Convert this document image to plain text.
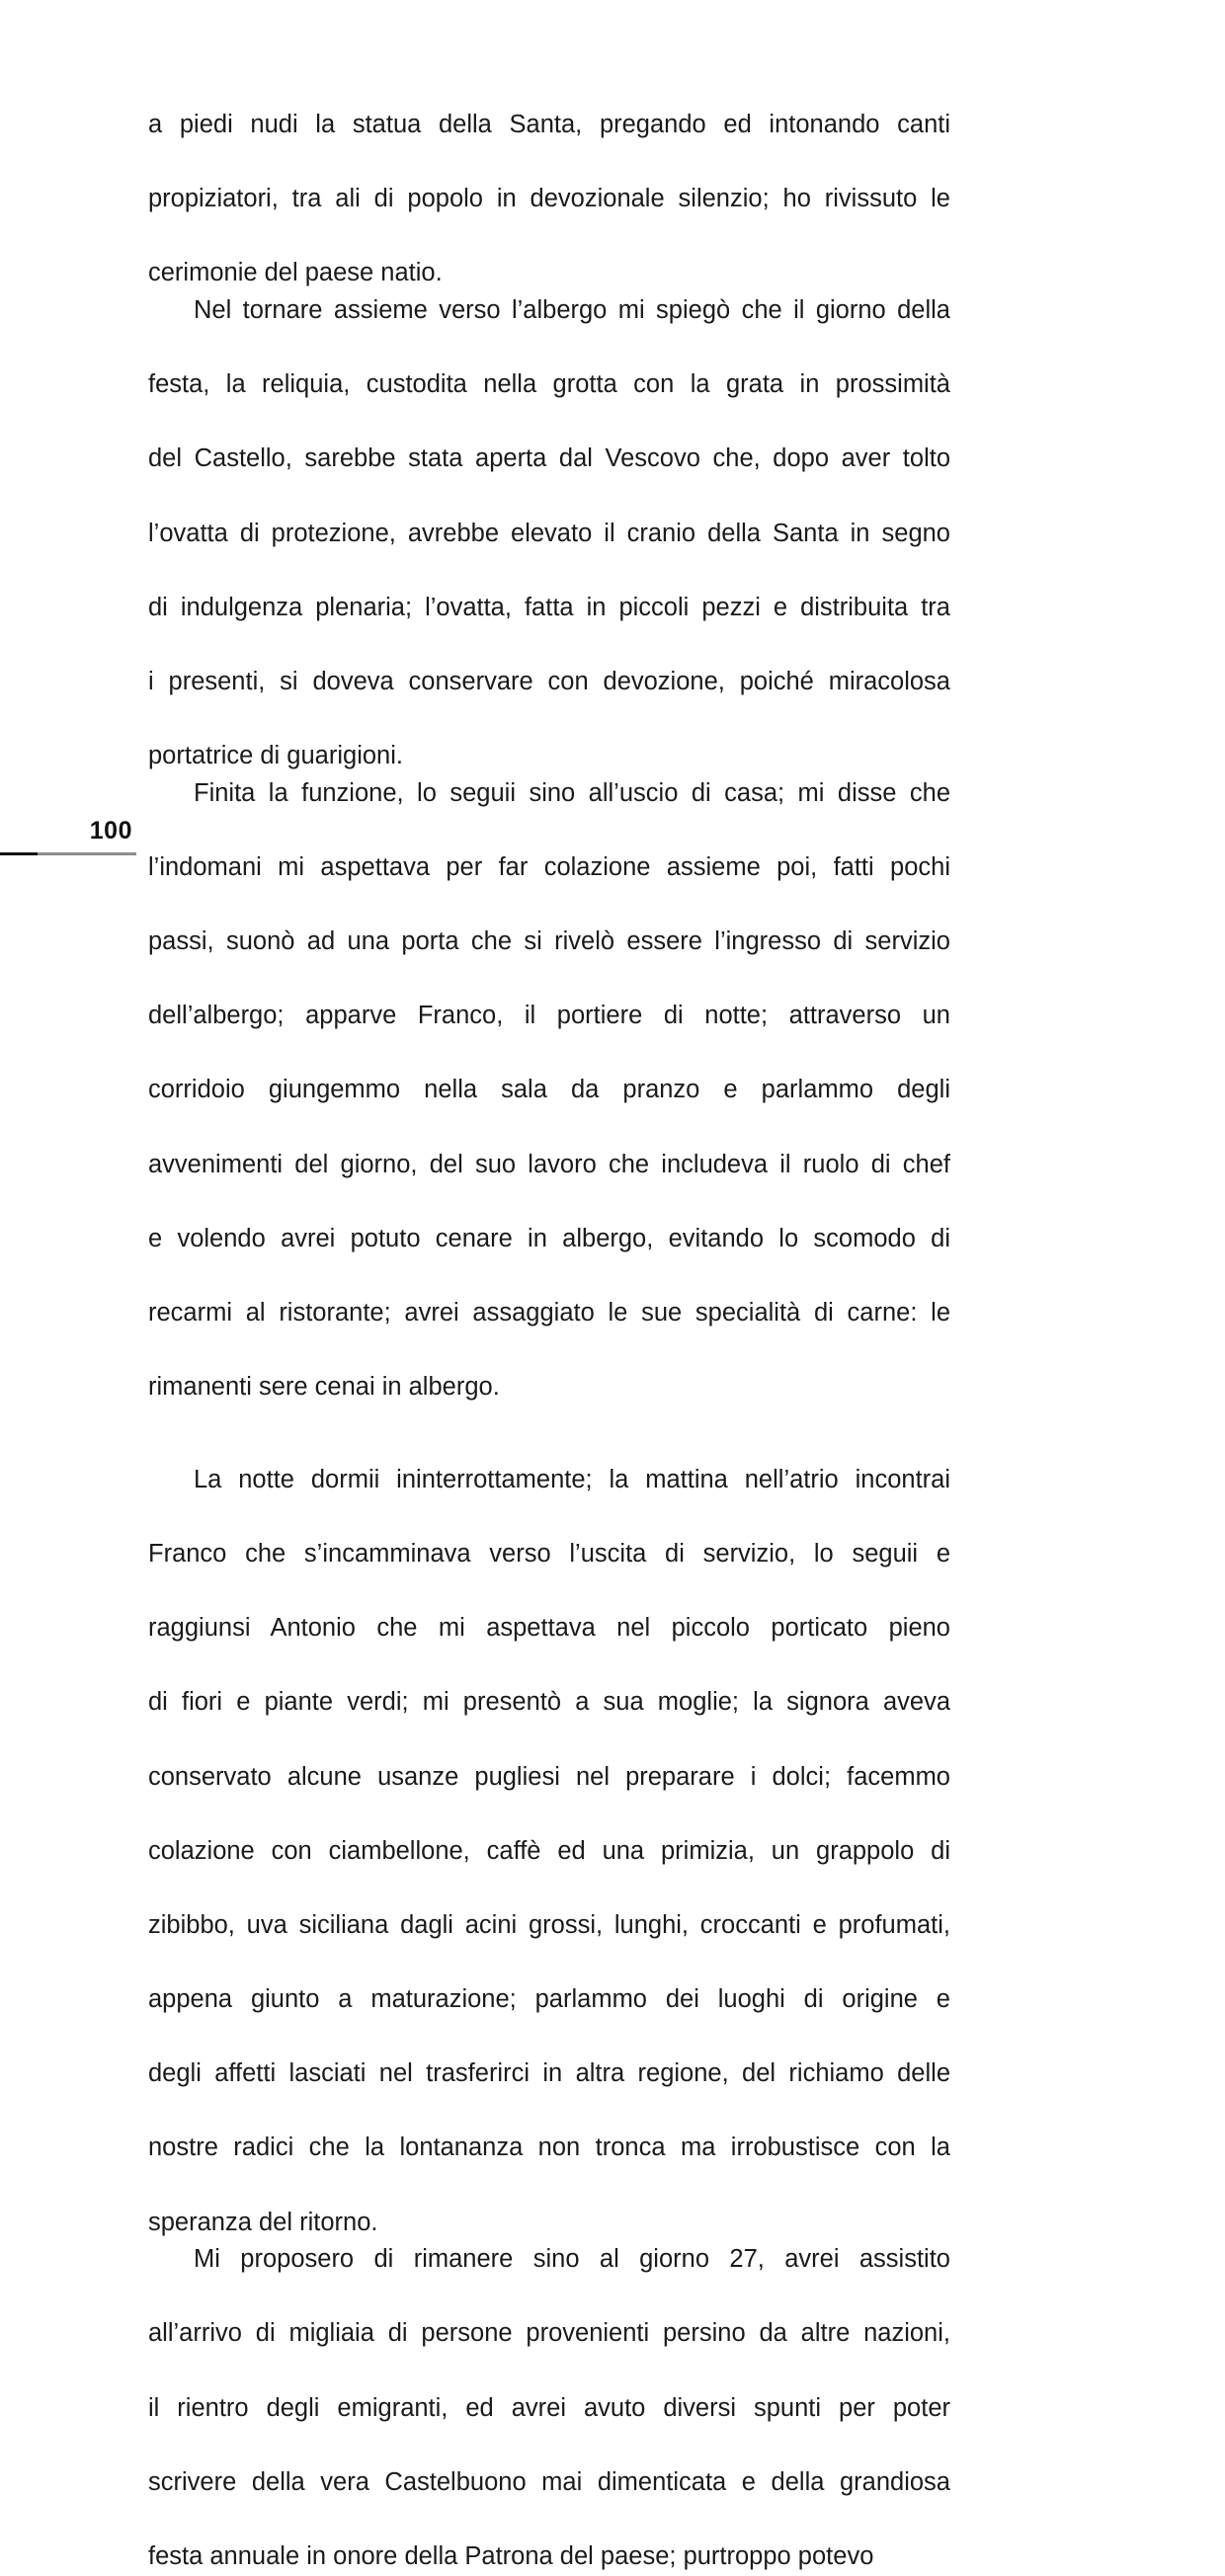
100

a piedi nudi la statua della Santa, pregando ed intonando canti
propiziatori, tra ali di popolo in devozionale silenzio; ho rivissuto le
cerimonie del paese natio.

Nel tornare assieme verso l’albergo mi spiegò che il giorno della
festa, la reliquia, custodita nella grotta con la grata in prossimità
del Castello, sarebbe stata aperta dal Vescovo che, dopo aver tolto
l’ovatta di protezione, avrebbe elevato il cranio della Santa in segno
di indulgenza plenaria; l’ovatta, fatta in piccoli pezzi e distribuita tra
i presenti, si doveva conservare con devozione, poiché miracolosa
portatrice di guarigioni.

Finita la funzione, lo seguii sino all’uscio di casa; mi disse che
l’indomani mi aspettava per far colazione assieme poi, fatti pochi
passi, suonò ad una porta che si rivelò essere l’ingresso di servizio
dell’albergo; apparve Franco, il portiere di notte; attraverso un
corridoio giungemmo nella sala da pranzo e parlammo degli
avvenimenti del giorno, del suo lavoro che includeva il ruolo di chef
e volendo avrei potuto cenare in albergo, evitando lo scomodo di
recarmi al ristorante; avrei assaggiato le sue specialità di carne: le
rimanenti sere cenai in albergo.

La notte dormii ininterrottamente; la mattina nell’atrio incontrai
Franco che s’incamminava verso l’uscita di servizio, lo seguii e
raggiunsi Antonio che mi aspettava nel piccolo porticato pieno
di fiori e piante verdi; mi presentò a sua moglie; la signora aveva
conservato alcune usanze pugliesi nel preparare i dolci; facemmo
colazione con ciambellone, caffè ed una primizia, un grappolo di
zibibbo, uva siciliana dagli acini grossi, lunghi, croccanti e profumati,
appena giunto a maturazione; parlammo dei luoghi di origine e
degli affetti lasciati nel trasferirci in altra regione, del richiamo delle
nostre radici che la lontananza non tronca ma irrobustisce con la
speranza del ritorno.

Mi proposero di rimanere sino al giorno 27, avrei assistito
all’arrivo di migliaia di persone provenienti persino da altre nazioni,
il rientro degli emigranti, ed avrei avuto diversi spunti per poter
scrivere della vera Castelbuono mai dimenticata e della grandiosa
festa annuale in onore della Patrona del paese; purtroppo potevo
